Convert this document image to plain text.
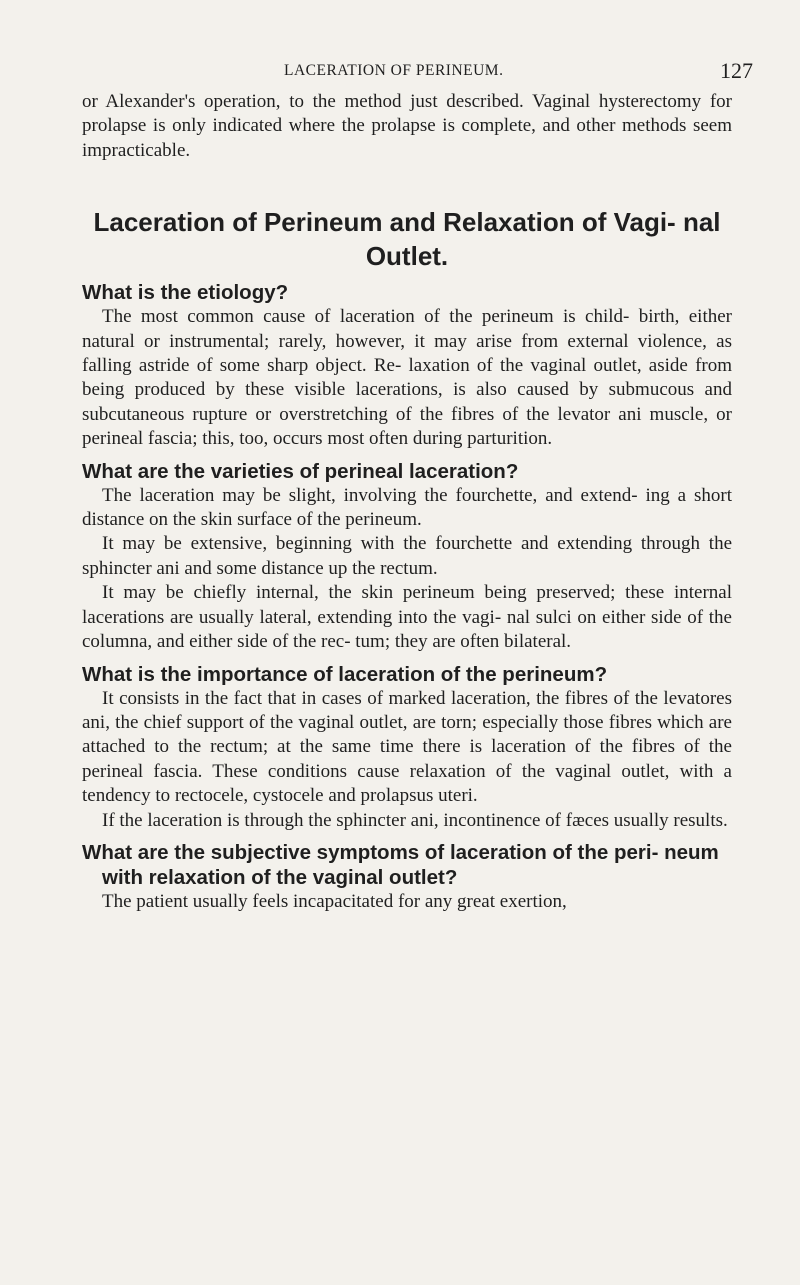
LACERATION OF PERINEUM.	127

or Alexander's operation, to the method just described. Vaginal hysterectomy for prolapse is only indicated where the prolapse is complete, and other methods seem impracticable.

Laceration of Perineum and Relaxation of Vagi- nal Outlet.
What is the etiology?

The most common cause of laceration of the perineum is child- birth, either natural or instrumental; rarely, however, it may arise from external violence, as falling astride of some sharp object. Re- laxation of the vaginal outlet, aside from being produced by these visible lacerations, is also caused by submucous and subcutaneous rupture or overstretching of the fibres of the levator ani muscle, or perineal fascia; this, too, occurs most often during parturition.

What are the varieties of perineal laceration?

The laceration may be slight, involving the fourchette, and extend- ing a short distance on the skin surface of the perineum.

It may be extensive, beginning with the fourchette and extending through the sphincter ani and some distance up the rectum.

It may be chiefly internal, the skin perineum being preserved; these internal lacerations are usually lateral, extending into the vagi- nal sulci on either side of the columna, and either side of the rec- tum; they are often bilateral.

What is the importance of laceration of the perineum?

It consists in the fact that in cases of marked laceration, the fibres of the levatores ani, the chief support of the vaginal outlet, are torn; especially those fibres which are attached to the rectum; at the same time there is laceration of the fibres of the perineal fascia. These conditions cause relaxation of the vaginal outlet, with a tendency to rectocele, cystocele and prolapsus uteri.

If the laceration is through the sphincter ani, incontinence of fæces usually results.

What are the subjective symptoms of laceration of the peri- neum with relaxation of the vaginal outlet?

The patient usually feels incapacitated for any great exertion,
